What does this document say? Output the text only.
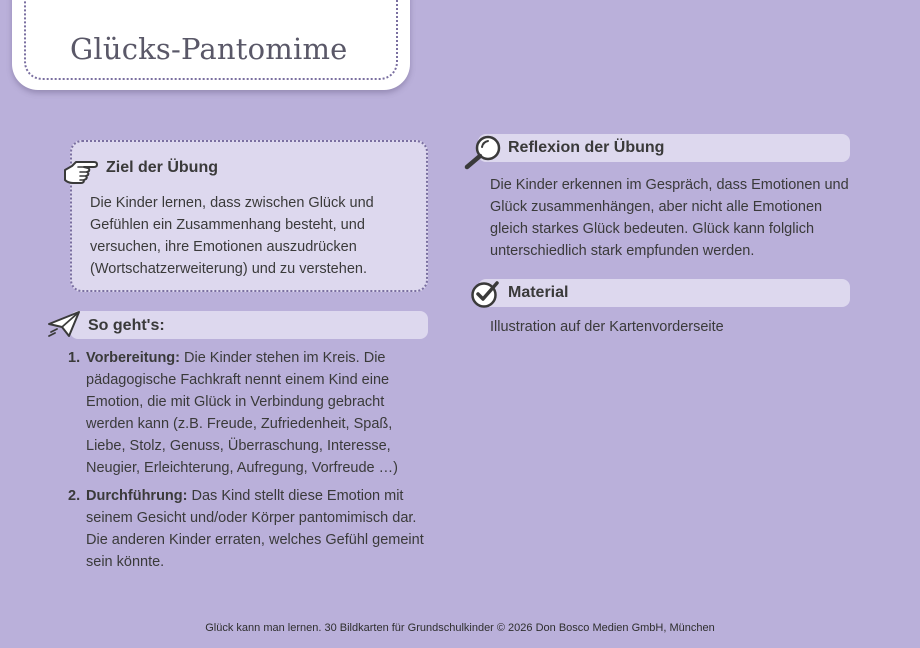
Glücks-Pantomime
Ziel der Übung

Die Kinder lernen, dass zwischen Glück und Gefühlen ein Zusammenhang besteht, und versuchen, ihre Emotionen auszudrücken (Wortschatzerweiterung) und zu verstehen.

So geht's:
1. Vorbereitung: Die Kinder stehen im Kreis. Die pädagogische Fachkraft nennt einem Kind eine Emotion, die mit Glück in Verbindung gebracht werden kann (z.B. Freude, Zufriedenheit, Spaß, Liebe, Stolz, Genuss, Überraschung, Interesse, Neugier, Erleichterung, Aufregung, Vorfreude …)
2. Durchführung: Das Kind stellt diese Emotion mit seinem Gesicht und/oder Körper pantomimisch dar. Die anderen Kinder erraten, welches Gefühl gemeint sein könnte.
Reflexion der Übung

Die Kinder erkennen im Gespräch, dass Emotionen und Glück zusammenhängen, aber nicht alle Emotionen gleich starkes Glück bedeuten. Glück kann folglich unterschiedlich stark empfunden werden.

Material

Illustration auf der Kartenvorderseite

Glück kann man lernen. 30 Bildkarten für Grundschulkinder © 2026 Don Bosco Medien GmbH, München
